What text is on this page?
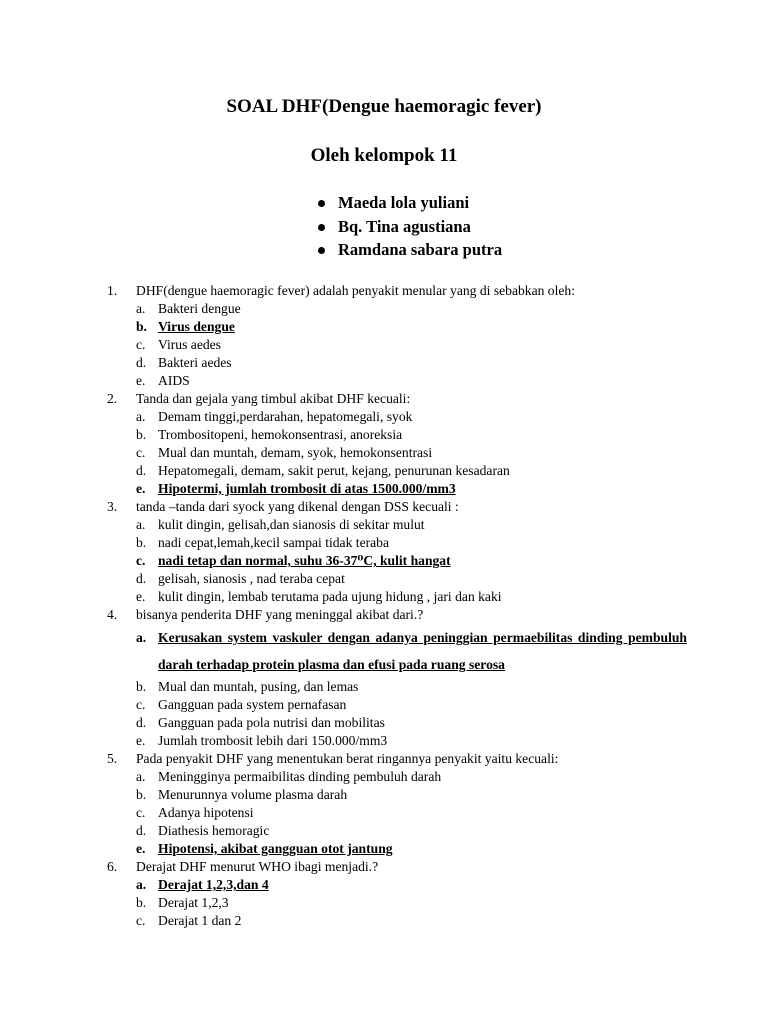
SOAL DHF(Dengue haemoragic fever)
Oleh kelompok 11
Maeda lola yuliani
Bq. Tina agustiana
Ramdana sabara putra
1. DHF(dengue haemoragic fever) adalah penyakit menular yang di sebabkan oleh:
a. Bakteri dengue
b. Virus dengue
c. Virus aedes
d. Bakteri aedes
e. AIDS
2. Tanda dan gejala yang timbul akibat DHF kecuali:
a. Demam tinggi,perdarahan, hepatomegali, syok
b. Trombositopeni, hemokonsentrasi, anoreksia
c. Mual dan muntah, demam, syok, hemokonsentrasi
d. Hepatomegali, demam, sakit perut, kejang, penurunan kesadaran
e. Hipotermi, jumlah trombosit di atas 1500.000/mm3
3. tanda –tanda dari syock yang dikenal dengan DSS kecuali :
a. kulit dingin, gelisah,dan sianosis di sekitar mulut
b. nadi cepat,lemah,kecil sampai tidak teraba
c. nadi tetap dan normal, suhu 36-37⁰C, kulit hangat
d. gelisah, sianosis , nad teraba cepat
e. kulit dingin, lembab terutama pada ujung hidung , jari dan kaki
4. bisanya penderita DHF yang meninggal akibat dari.?
a. Kerusakan system vaskuler dengan adanya peninggian permaebilitas dinding pembuluh darah terhadap protein plasma dan efusi pada ruang serosa
b. Mual dan muntah, pusing, dan lemas
c. Gangguan pada system pernafasan
d. Gangguan pada pola nutrisi dan mobilitas
e. Jumlah trombosit lebih dari 150.000/mm3
5. Pada penyakit DHF yang menentukan berat ringannya penyakit yaitu kecuali:
a. Meningginya permaibilitas dinding pembuluh darah
b. Menurunnya volume plasma darah
c. Adanya hipotensi
d. Diathesis hemoragic
e. Hipotensi, akibat gangguan otot jantung
6. Derajat DHF menurut WHO ibagi menjadi.?
a. Derajat 1,2,3,dan 4
b. Derajat 1,2,3
c. Derajat 1 dan 2
